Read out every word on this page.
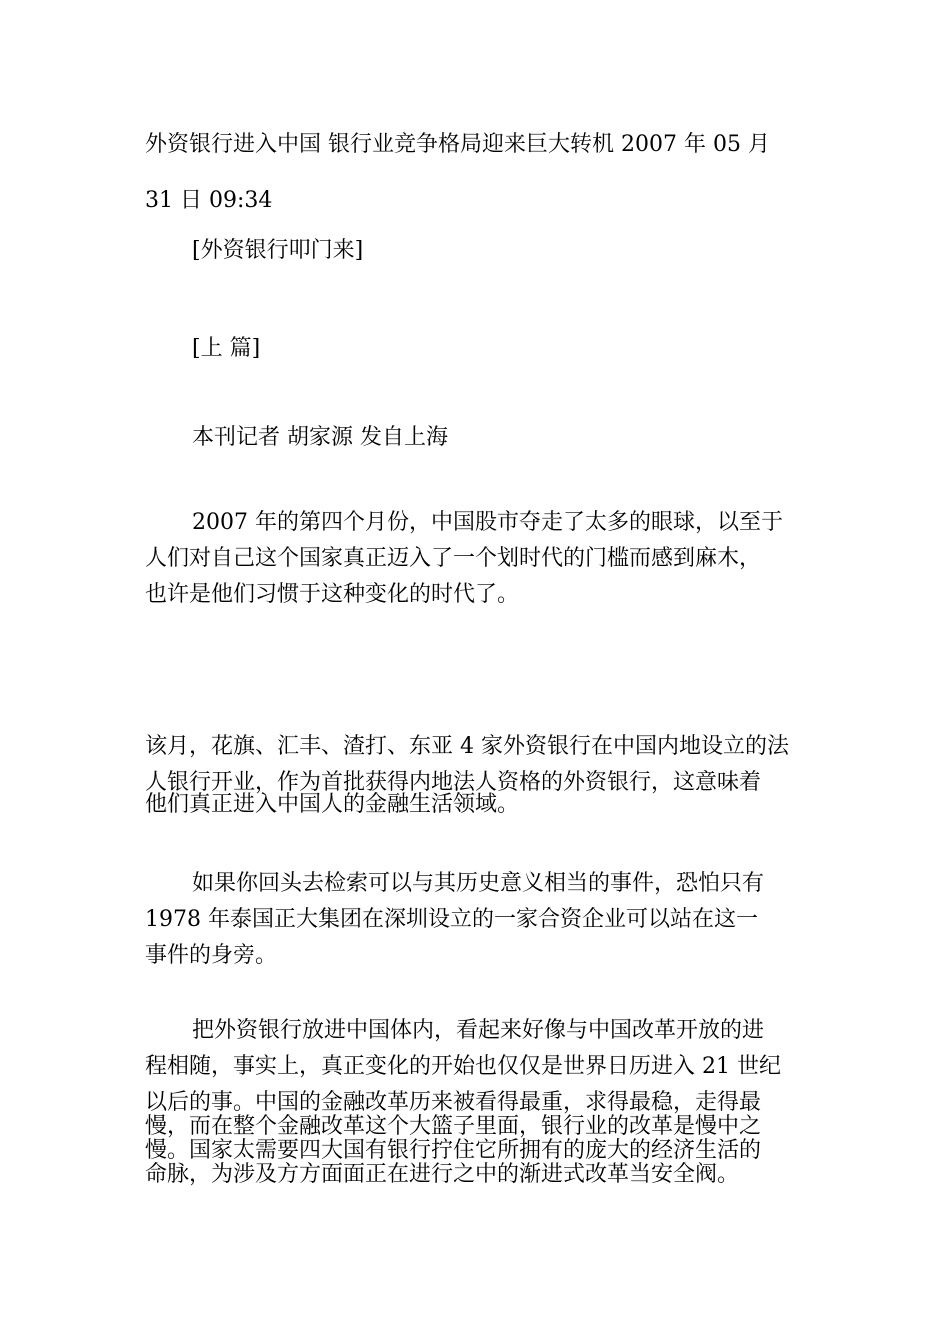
外资银行进入中国 银行业竞争格局迎来巨大转机 2007 年 05 月
31 日 09:34
[外资银行叩门来]
[上 篇]
本刊记者 胡家源 发自上海
2007 年的第四个月份，中国股市夺走了太多的眼球，以至于
人们对自己这个国家真正迈入了一个划时代的门槛而感到麻木，
也许是他们习惯于这种变化的时代了。
该月，花旗、汇丰、渣打、东亚 4 家外资银行在中国内地设立的法
人银行开业，作为首批获得内地法人资格的外资银行，这意味着
他们真正进入中国人的金融生活领域。
如果你回头去检索可以与其历史意义相当的事件，恐怕只有
1978 年泰国正大集团在深圳设立的一家合资企业可以站在这一
事件的身旁。
把外资银行放进中国体内，看起来好像与中国改革开放的进
程相随，事实上，真正变化的开始也仅仅是世界日历进入 21 世纪
以后的事。中国的金融改革历来被看得最重，求得最稳，走得最
慢，而在整个金融改革这个大篮子里面，银行业的改革是慢中之
慢。国家太需要四大国有银行拧住它所拥有的庞大的经济生活的
命脉，为涉及方方面面正在进行之中的渐进式改革当安全阀。
